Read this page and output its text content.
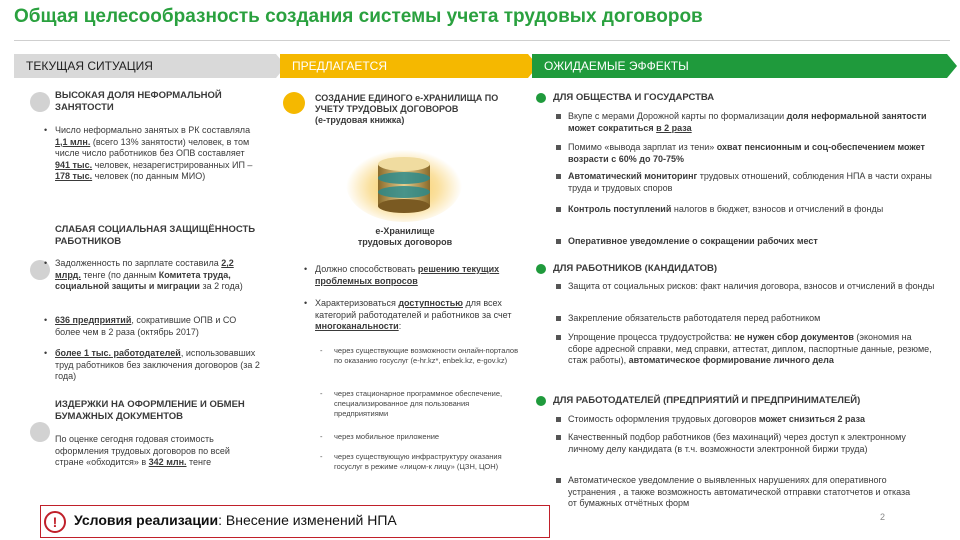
Общая целесообразность создания системы учета трудовых договоров
ТЕКУЩАЯ СИТУАЦИЯ	ПРЕДЛАГАЕТСЯ	ОЖИДАЕМЫЕ ЭФФЕКТЫ
ВЫСОКАЯ ДОЛЯ НЕФОРМАЛЬНОЙ ЗАНЯТОСТИ
• Число неформально занятых в РК составляла 1,1 млн. (всего 13% занятости) человек, в том числе число работников без ОПВ составляет 941 тыс. человек, незарегистрированных ИП – 178 тыс. человек (по данным МИО)
СЛАБАЯ СОЦИАЛЬНАЯ ЗАЩИЩЁННОСТЬ РАБОТНИКОВ
• Задолженность по зарплате составила 2,2 млрд. тенге (по данным Комитета труда, социальной защиты и миграции за 2 года)
• 636 предприятий, сократившие ОПВ и СО более чем в 2 раза (октябрь 2017)
• более 1 тыс. работодателей, использовавших труд работников без заключения договоров (за 2 года)
ИЗДЕРЖКИ НА ОФОРМЛЕНИЕ И ОБМЕН БУМАЖНЫХ ДОКУМЕНТОВ
По оценке сегодня годовая стоимость оформления трудовых договоров по всей стране «обходится» в 342 млн. тенге
СОЗДАНИЕ ЕДИНОГО е-ХРАНИЛИЩА ПО УЧЕТУ ТРУДОВЫХ ДОГОВОРОВ
(е-трудовая книжка)
е-Хранилище
трудовых договоров
• Должно способствовать решению текущих проблемных вопросов
• Характеризоваться доступностью для всех категорий работодателей и работников за счет многоканальности:
- через существующие возможности онлайн-порталов по оказанию госуслуг (e-hr.kz*, enbek.kz, e-gov.kz)
- через стационарное программное обеспечение, специализированное для пользования предприятиями
- через мобильное приложение
- через существующую инфраструктуру оказания госуслуг в режиме «лицом-к лицу» (ЦЗН, ЦОН)
ДЛЯ ОБЩЕСТВА И ГОСУДАРСТВА
Вкупе с мерами Дорожной карты по формализации доля неформальной занятости может сократиться в 2 раза
Помимо «вывода зарплат из тени» охват пенсионным и соц-обеспечением может возрасти с 60% до 70-75%
Автоматический мониторинг трудовых отношений, соблюдения НПА в части охраны труда и трудовых споров
Контроль поступлений налогов в бюджет, взносов и отчислений в фонды
Оперативное уведомление о сокращении рабочих мест
ДЛЯ РАБОТНИКОВ (КАНДИДАТОВ)
Защита от социальных рисков: факт наличия договора, взносов и отчислений в фонды
Закрепление обязательств работодателя перед работником
Упрощение процесса трудоустройства: не нужен сбор документов (экономия на сборе адресной справки, мед справки, аттестат, диплом, паспортные данные, резюме, стаж работы), автоматическое формирование личного дела
ДЛЯ РАБОТОДАТЕЛЕЙ (ПРЕДПРИЯТИЙ И ПРЕДПРИНИМАТЕЛЕЙ)
Стоимость оформления трудовых договоров может снизиться 2 раза
Качественный подбор работников (без махинаций) через доступ к электронному личному делу кандидата (в т.ч. возможности электронной биржи труда)
Автоматическое уведомление о выявленных нарушениях для оперативного устранения , а также возможность автоматической отправки статотчетов и отказа от бумажных отчётных форм
!	Условия реализации: Внесение изменений НПА	2
